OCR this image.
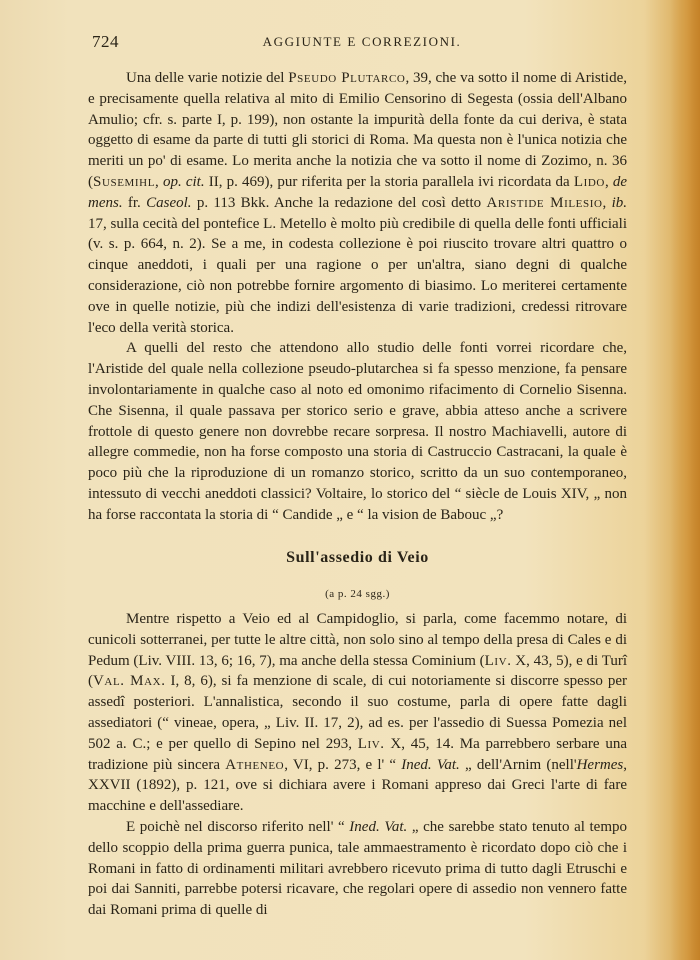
724	AGGIUNTE E CORREZIONI.

Una delle varie notizie del Pseudo Plutarco, 39, che va sotto il nome di Aristide, e precisamente quella relativa al mito di Emilio Censorino di Segesta (ossia dell'Albano Amulio; cfr. s. parte I, p. 199), non ostante la impurità della fonte da cui deriva, è stata oggetto di esame da parte di tutti gli storici di Roma. Ma questa non è l'unica notizia che meriti un po' di esame. Lo merita anche la notizia che va sotto il nome di Zozimo, n. 36 (Susemihl, op. cit. II, p. 469), pur riferita per la storia parallela ivi ricordata da Lido, de mens. fr. Caseol. p. 113 Bkk. Anche la redazione del così detto Aristide Milesio, ib. 17, sulla cecità del pontefice L. Metello è molto più credibile di quella delle fonti ufficiali (v. s. p. 664, n. 2). Se a me, in codesta collezione è poi riuscito trovare altri quattro o cinque aneddoti, i quali per una ragione o per un'altra, siano degni di qualche considerazione, ciò non potrebbe fornire argomento di biasimo. Lo meriterei certamente ove in quelle notizie, più che indizi dell'esistenza di varie tradizioni, credessi ritrovare l'eco della verità storica.

A quelli del resto che attendono allo studio delle fonti vorrei ricordare che, l'Aristide del quale nella collezione pseudo-plutarchea si fa spesso menzione, fa pensare involontariamente in qualche caso al noto ed omonimo rifacimento di Cornelio Sisenna. Che Sisenna, il quale passava per storico serio e grave, abbia atteso anche a scrivere frottole di questo genere non dovrebbe recare sorpresa. Il nostro Machiavelli, autore di allegre commedie, non ha forse composto una storia di Castruccio Castracani, la quale è poco più che la riproduzione di un romanzo storico, scritto da un suo contemporaneo, intessuto di vecchi aneddoti classici? Voltaire, lo storico del “ siècle de Louis XIV, „ non ha forse raccontata la storia di “ Candide „ e “ la vision de Babouc „?

Sull'assedio di Veio
(a p. 24 sgg.)

Mentre rispetto a Veio ed al Campidoglio, si parla, come facemmo notare, di cunicoli sotterranei, per tutte le altre città, non solo sino al tempo della presa di Cales e di Pedum (Liv. VIII. 13, 6; 16, 7), ma anche della stessa Cominium (Liv. X, 43, 5), e di Turî (Val. Max. I, 8, 6), si fa menzione di scale, di cui notoriamente si discorre spesso per assedî posteriori. L'annalistica, secondo il suo costume, parla di opere fatte dagli assediatori (“ vineae, opera, „ Liv. II. 17, 2), ad es. per l'assedio di Suessa Pomezia nel 502 a. C.; e per quello di Sepino nel 293, Liv. X, 45, 14. Ma parrebbero serbare una tradizione più sincera Atheneo, VI, p. 273, e l' “ Ined. Vat. „ dell'Arnim (nell'Hermes, XXVII (1892), p. 121, ove si dichiara avere i Romani appreso dai Greci l'arte di fare macchine e dell'assediare.

E poichè nel discorso riferito nell' “ Ined. Vat. „ che sarebbe stato tenuto al tempo dello scoppio della prima guerra punica, tale ammaestramento è ricordato dopo ciò che i Romani in fatto di ordinamenti militari avrebbero ricevuto prima di tutto dagli Etruschi e poi dai Sanniti, parrebbe potersi ricavare, che regolari opere di assedio non vennero fatte dai Romani prima di quelle di
